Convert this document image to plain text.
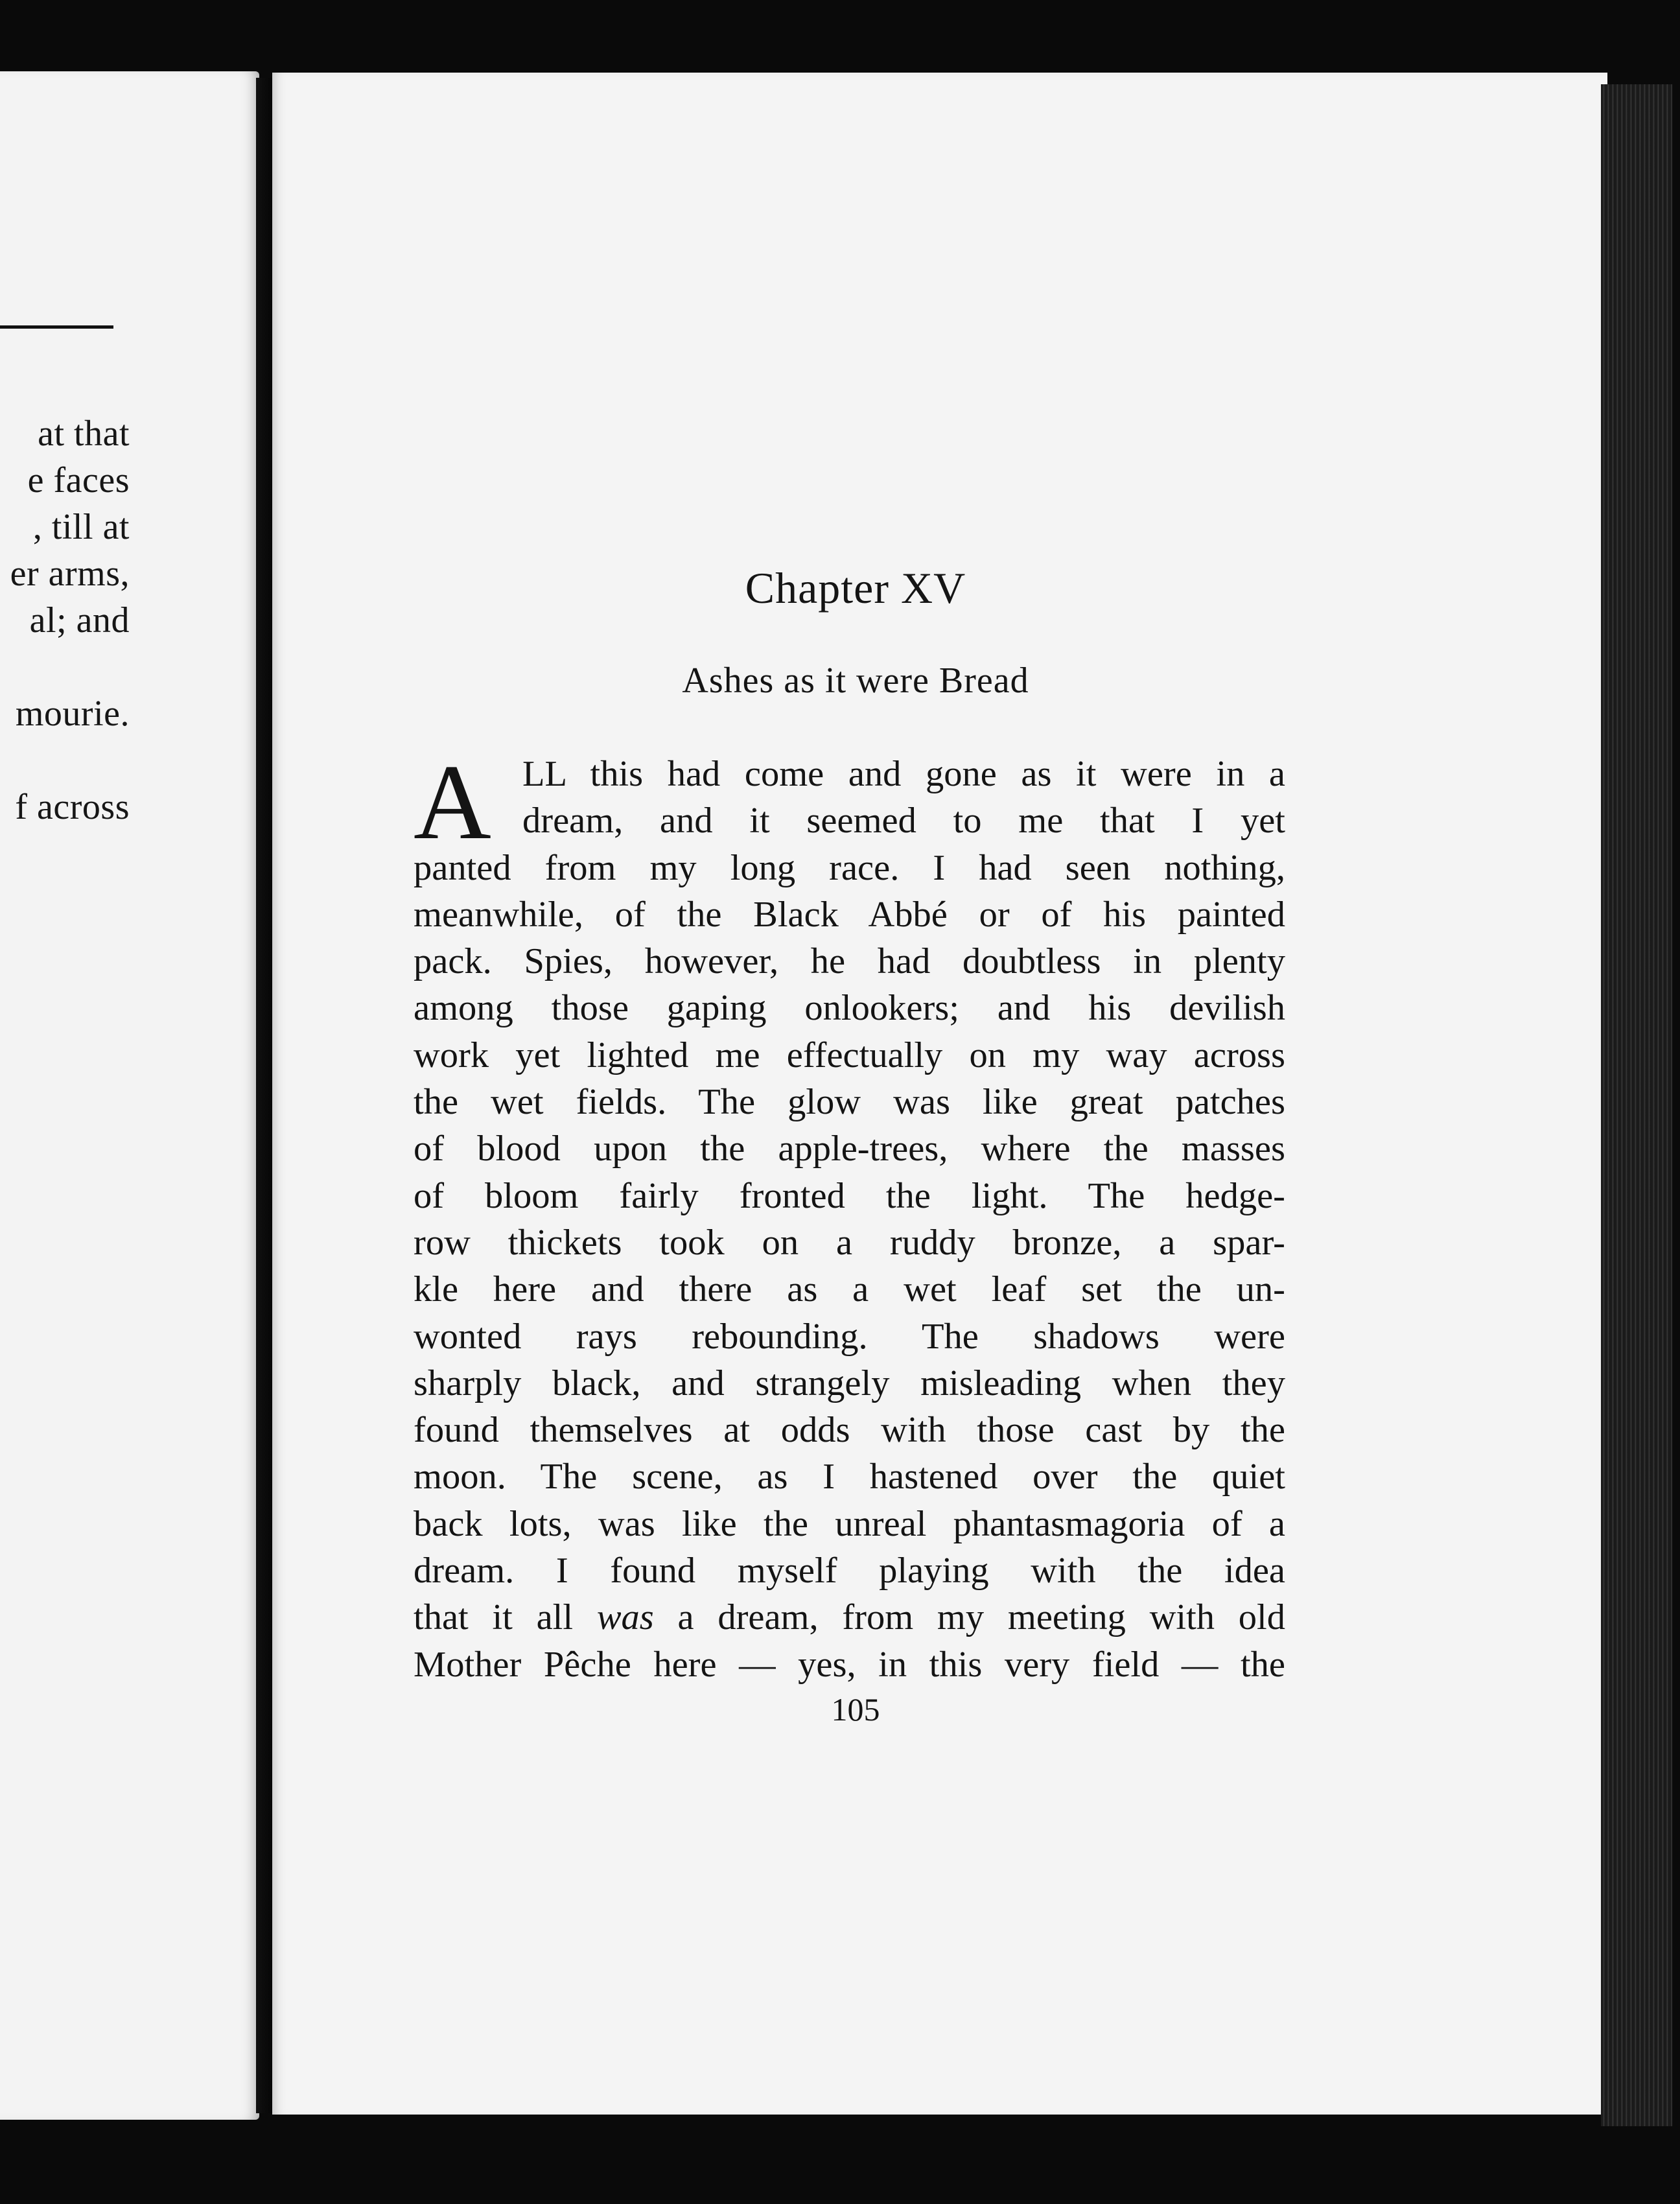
at that
e faces
, till at
er arms,
al; and
mourie.
f across
Chapter XV
Ashes as it were Bread
A LL this had come and gone as it were in a
dream, and it seemed to me that I yet
panted from my long race. I had seen nothing,
meanwhile, of the Black Abbé or of his painted
pack. Spies, however, he had doubtless in plenty
among those gaping onlookers; and his devilish
work yet lighted me effectually on my way across
the wet fields. The glow was like great patches
of blood upon the apple-trees, where the masses
of bloom fairly fronted the light. The hedge-
row thickets took on a ruddy bronze, a spar-
kle here and there as a wet leaf set the un-
wonted rays rebounding. The shadows were
sharply black, and strangely misleading when they
found themselves at odds with those cast by the
moon. The scene, as I hastened over the quiet
back lots, was like the unreal phantasmagoria of a
dream. I found myself playing with the idea
that it all was a dream, from my meeting with old
Mother Pêche here — yes, in this very field — the
105
